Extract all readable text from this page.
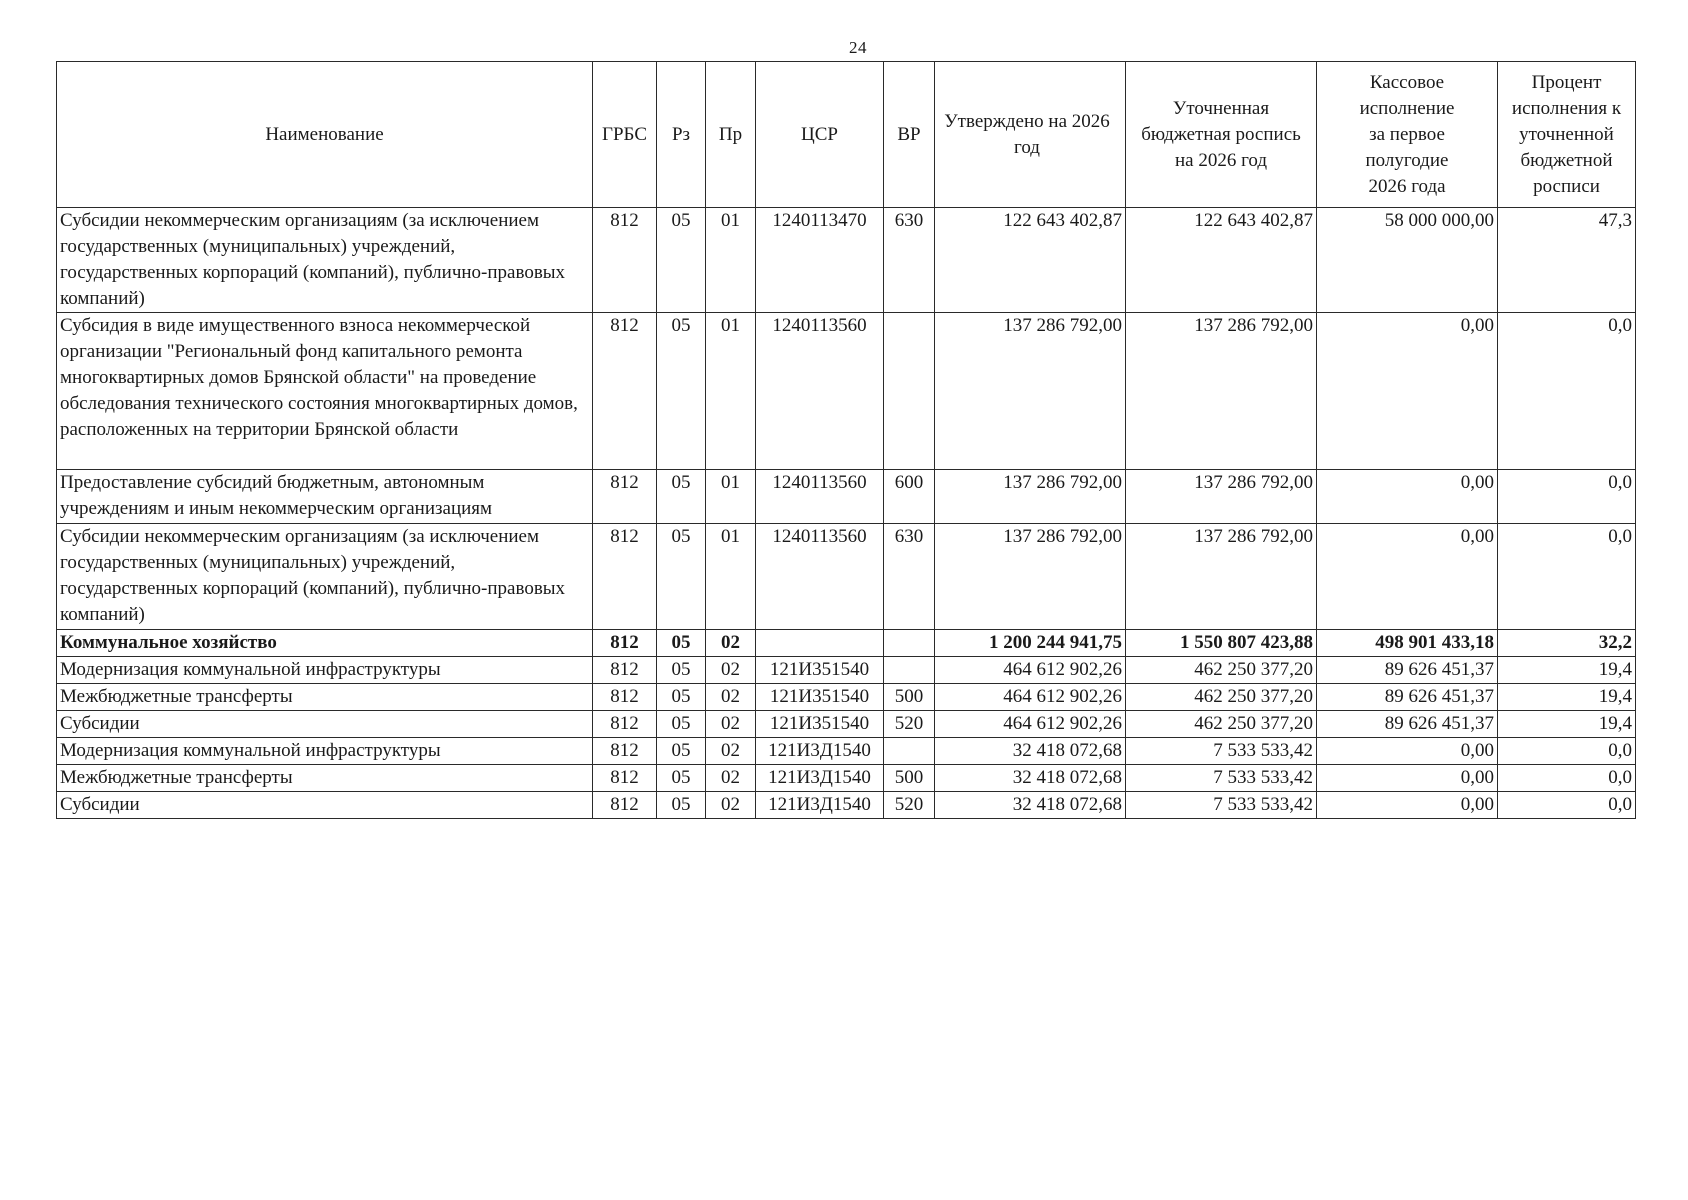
24
Наименование	ГРБС	Рз	Пр	ЦСР	ВР	Утверждено на 2026 год	Уточненная бюджетная роспись на 2026 год	Кассовое исполнение за первое полугодие 2026 года	Процент исполнения к уточненной бюджетной росписи
Субсидии некоммерческим организациям (за исключением государственных (муниципальных) учреждений, государственных корпораций (компаний), публично-правовых компаний)	812	05	01	1240113470	630	122 643 402,87	122 643 402,87	58 000 000,00	47,3
Субсидия в виде имущественного взноса некоммерческой организации "Региональный фонд капитального ремонта многоквартирных домов Брянской области" на проведение обследования технического состояния многоквартирных домов, расположенных на территории Брянской области	812	05	01	1240113560		137 286 792,00	137 286 792,00	0,00	0,0
Предоставление субсидий бюджетным, автономным учреждениям и иным некоммерческим организациям	812	05	01	1240113560	600	137 286 792,00	137 286 792,00	0,00	0,0
Субсидии некоммерческим организациям (за исключением государственных (муниципальных) учреждений, государственных корпораций (компаний), публично-правовых компаний)	812	05	01	1240113560	630	137 286 792,00	137 286 792,00	0,00	0,0
Коммунальное хозяйство	812	05	02			1 200 244 941,75	1 550 807 423,88	498 901 433,18	32,2
Модернизация коммунальной инфраструктуры	812	05	02	121И351540		464 612 902,26	462 250 377,20	89 626 451,37	19,4
Межбюджетные трансферты	812	05	02	121И351540	500	464 612 902,26	462 250 377,20	89 626 451,37	19,4
Субсидии	812	05	02	121И351540	520	464 612 902,26	462 250 377,20	89 626 451,37	19,4
Модернизация коммунальной инфраструктуры	812	05	02	121И3Д1540		32 418 072,68	7 533 533,42	0,00	0,0
Межбюджетные трансферты	812	05	02	121И3Д1540	500	32 418 072,68	7 533 533,42	0,00	0,0
Субсидии	812	05	02	121И3Д1540	520	32 418 072,68	7 533 533,42	0,00	0,0
